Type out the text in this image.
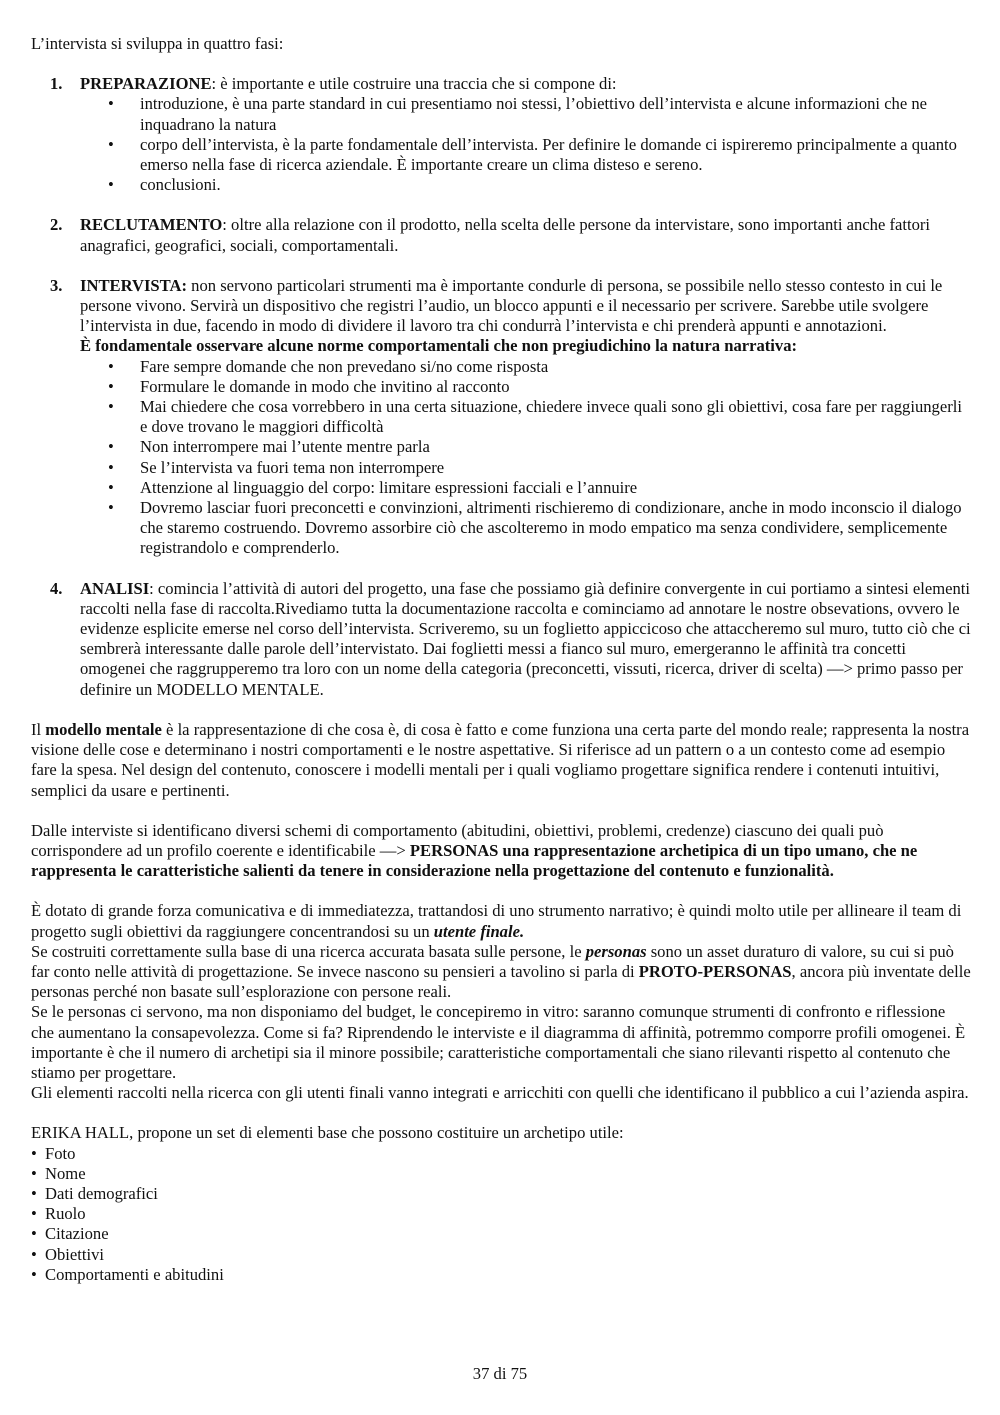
L’intervista si sviluppa in quattro fasi:

1. PREPARAZIONE: è importante e utile costruire una traccia che si compone di:
• introduzione, è una parte standard in cui presentiamo noi stessi, l’obiettivo dell’intervista e alcune informazioni che ne inquadrano la natura
• corpo dell’intervista, è la parte fondamentale dell’intervista. Per definire le domande ci ispireremo principalmente a quanto emerso nella fase di ricerca aziendale. È importante creare un clima disteso e sereno.
• conclusioni.
2. RECLUTAMENTO: oltre alla relazione con il prodotto, nella scelta delle persone da intervistare, sono importanti anche fattori anagrafici, geografici, sociali, comportamentali.
3. INTERVISTA: non servono particolari strumenti ma è importante condurle di persona, se possibile nello stesso contesto in cui le persone vivono. Servirà un dispositivo che registri l’audio, un blocco appunti e il necessario per scrivere. Sarebbe utile svolgere l’intervista in due, facendo in modo di dividere il lavoro tra chi condurrà l’intervista e chi prenderà appunti e annotazioni.
È fondamentale osservare alcune norme comportamentali che non pregiudichino la natura narrativa:
• Fare sempre domande che non prevedano si/no come risposta
• Formulare le domande in modo che invitino al racconto
• Mai chiedere che cosa vorrebbero in una certa situazione, chiedere invece quali sono gli obiettivi, cosa fare per raggiungerli e dove trovano le maggiori difficoltà
• Non interrompere mai l’utente mentre parla
• Se l’intervista va fuori tema non interrompere
• Attenzione al linguaggio del corpo: limitare espressioni facciali e l’annuire
• Dovremo lasciar fuori preconcetti e convinzioni, altrimenti rischieremo di condizionare, anche in modo inconscio il dialogo che staremo costruendo. Dovremo assorbire ciò che ascolteremo in modo empatico ma senza condividere, semplicemente registrandolo e comprenderlo.
4. ANALISI: comincia l’attività di autori del progetto, una fase che possiamo già definire convergente in cui portiamo a sintesi elementi raccolti nella fase di raccolta.Rivediamo tutta la documentazione raccolta e cominciamo ad annotare le nostre obsevations, ovvero le evidenze esplicite emerse nel corso dell’intervista. Scriveremo, su un foglietto appiccicoso che attaccheremo sul muro, tutto ciò che ci sembrerà interessante dalle parole dell’intervistato. Dai foglietti messi a fianco sul muro, emergeranno le affinità tra concetti omogenei che raggrupperemo tra loro con un nome della categoria (preconcetti, vissuti, ricerca, driver di scelta) —> primo passo per definire un MODELLO MENTALE.

Il modello mentale è la rappresentazione di che cosa è, di cosa è fatto e come funziona una certa parte del mondo reale; rappresenta la nostra visione delle cose e determinano i nostri comportamenti e le nostre aspettative. Si riferisce ad un pattern o a un contesto come ad esempio fare la spesa. Nel design del contenuto, conoscere i modelli mentali per i quali vogliamo progettare significa rendere i contenuti intuitivi, semplici da usare e pertinenti.

Dalle interviste si identificano diversi schemi di comportamento (abitudini, obiettivi, problemi, credenze) ciascuno dei quali può corrispondere ad un profilo coerente e identificabile —> PERSONAS una rappresentazione archetipica di un tipo umano, che ne rappresenta le caratteristiche salienti da tenere in considerazione nella progettazione del contenuto e funzionalità.

È dotato di grande forza comunicativa e di immediatezza, trattandosi di uno strumento narrativo; è quindi molto utile per allineare il team di progetto sugli obiettivi da raggiungere concentrandosi su un utente finale.

Se costruiti correttamente sulla base di una ricerca accurata basata sulle persone, le personas sono un asset duraturo di valore, su cui si può far conto nelle attività di progettazione. Se invece nascono su pensieri a tavolino si parla di PROTO-PERSONAS, ancora più inventate delle personas perché non basate sull’esplorazione con persone reali.

Se le personas ci servono, ma non disponiamo del budget, le concepiremo in vitro: saranno comunque strumenti di confronto e riflessione che aumentano la consapevolezza. Come si fa? Riprendendo le interviste e il diagramma di affinità, potremmo comporre profili omogenei. È importante è che il numero di archetipi sia il minore possibile; caratteristiche comportamentali che siano rilevanti rispetto al contenuto che stiamo per progettare.

Gli elementi raccolti nella ricerca con gli utenti finali vanno integrati e arricchiti con quelli che identificano il pubblico a cui l’azienda aspira.

ERIKA HALL, propone un set di elementi base che possono costituire un archetipo utile:

• Foto
• Nome
• Dati demografici
• Ruolo
• Citazione
• Obiettivi
• Comportamenti e abitudini
37 di 75
